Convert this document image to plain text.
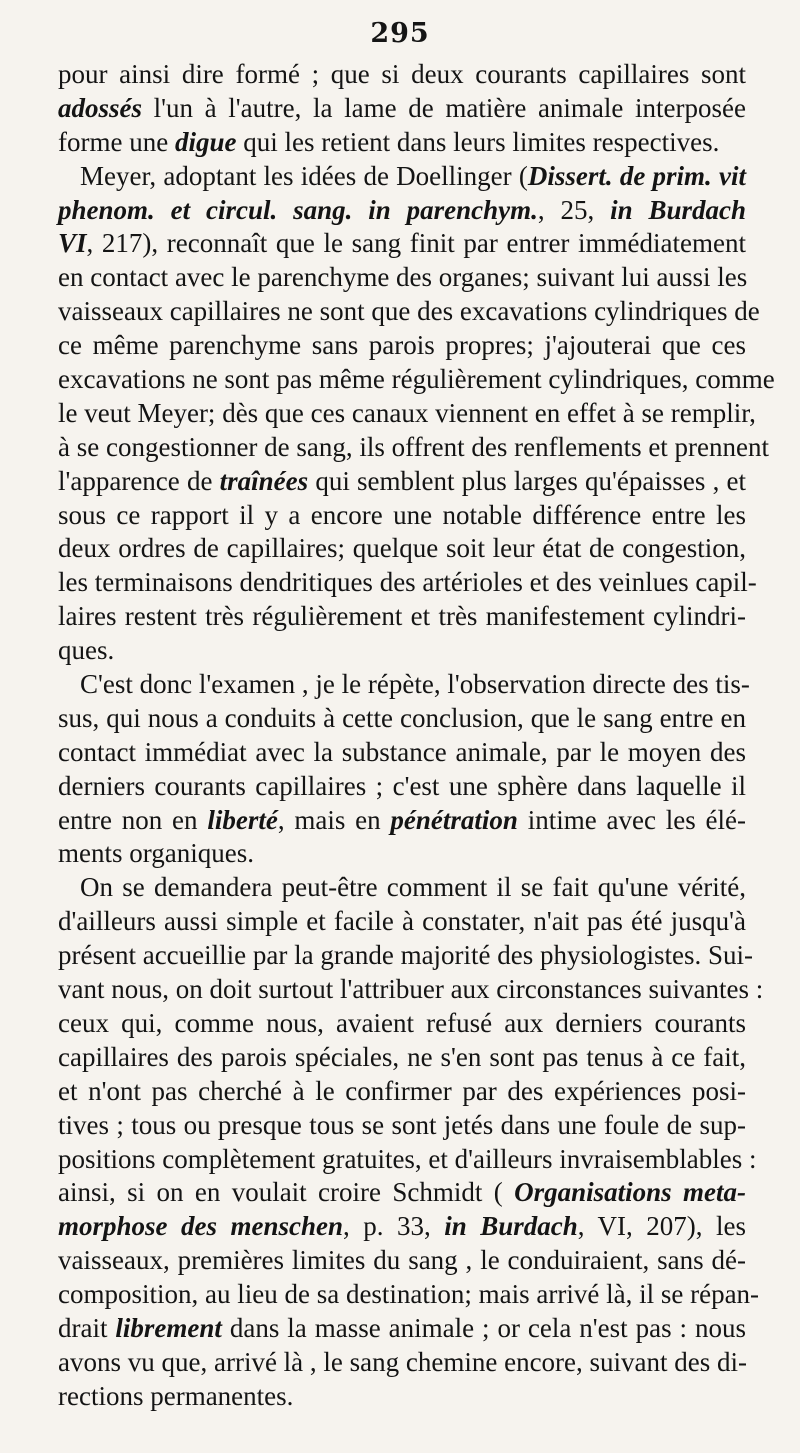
295
pour ainsi dire formé ; que si deux courants capillaires sont
adossés l'un à l'autre, la lame de matière animale interposée
forme une digue qui les retient dans leurs limites respectives.
Meyer, adoptant les idées de Doellinger (Dissert. de prim. vit
phenom. et circul. sang. in parenchym., 25, in Burdach
VI, 217), reconnaît que le sang finit par entrer immédiatement
en contact avec le parenchyme des organes; suivant lui aussi les
vaisseaux capillaires ne sont que des excavations cylindriques de
ce même parenchyme sans parois propres; j'ajouterai que ces
excavations ne sont pas même régulièrement cylindriques, comme
le veut Meyer; dès que ces canaux viennent en effet à se remplir,
à se congestionner de sang, ils offrent des renflements et prennent
l'apparence de traînées qui semblent plus larges qu'épaisses , et
sous ce rapport il y a encore une notable différence entre les
deux ordres de capillaires; quelque soit leur état de congestion,
les terminaisons dendritiques des artérioles et des veinlues capil-
laires restent très régulièrement et très manifestement cylindri-
ques.
C'est donc l'examen , je le répète, l'observation directe des tis-
sus, qui nous a conduits à cette conclusion, que le sang entre en
contact immédiat avec la substance animale, par le moyen des
derniers courants capillaires ; c'est une sphère dans laquelle il
entre non en liberté, mais en pénétration intime avec les élé-
ments organiques.
On se demandera peut-être comment il se fait qu'une vérité,
d'ailleurs aussi simple et facile à constater, n'ait pas été jusqu'à
présent accueillie par la grande majorité des physiologistes. Sui-
vant nous, on doit surtout l'attribuer aux circonstances suivantes :
ceux qui, comme nous, avaient refusé aux derniers courants
capillaires des parois spéciales, ne s'en sont pas tenus à ce fait,
et n'ont pas cherché à le confirmer par des expériences posi-
tives ; tous ou presque tous se sont jetés dans une foule de sup-
positions complètement gratuites, et d'ailleurs invraisemblables :
ainsi, si on en voulait croire Schmidt ( Organisations meta-
morphose des menschen, p. 33, in Burdach, VI, 207), les
vaisseaux, premières limites du sang , le conduiraient, sans dé-
composition, au lieu de sa destination; mais arrivé là, il se répan-
drait librement dans la masse animale ; or cela n'est pas : nous
avons vu que, arrivé là , le sang chemine encore, suivant des di-
rections permanentes.
